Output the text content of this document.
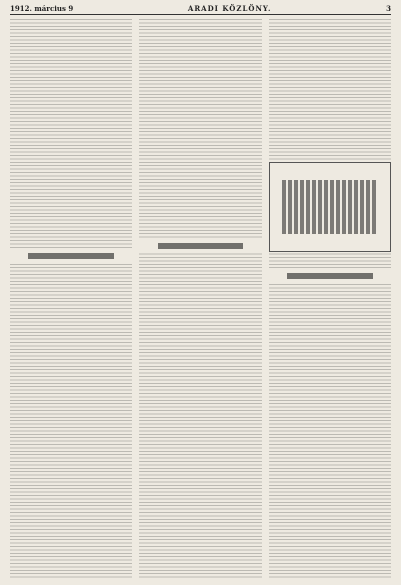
1912. március 9	ARADI KÖZLÖNY.	3
